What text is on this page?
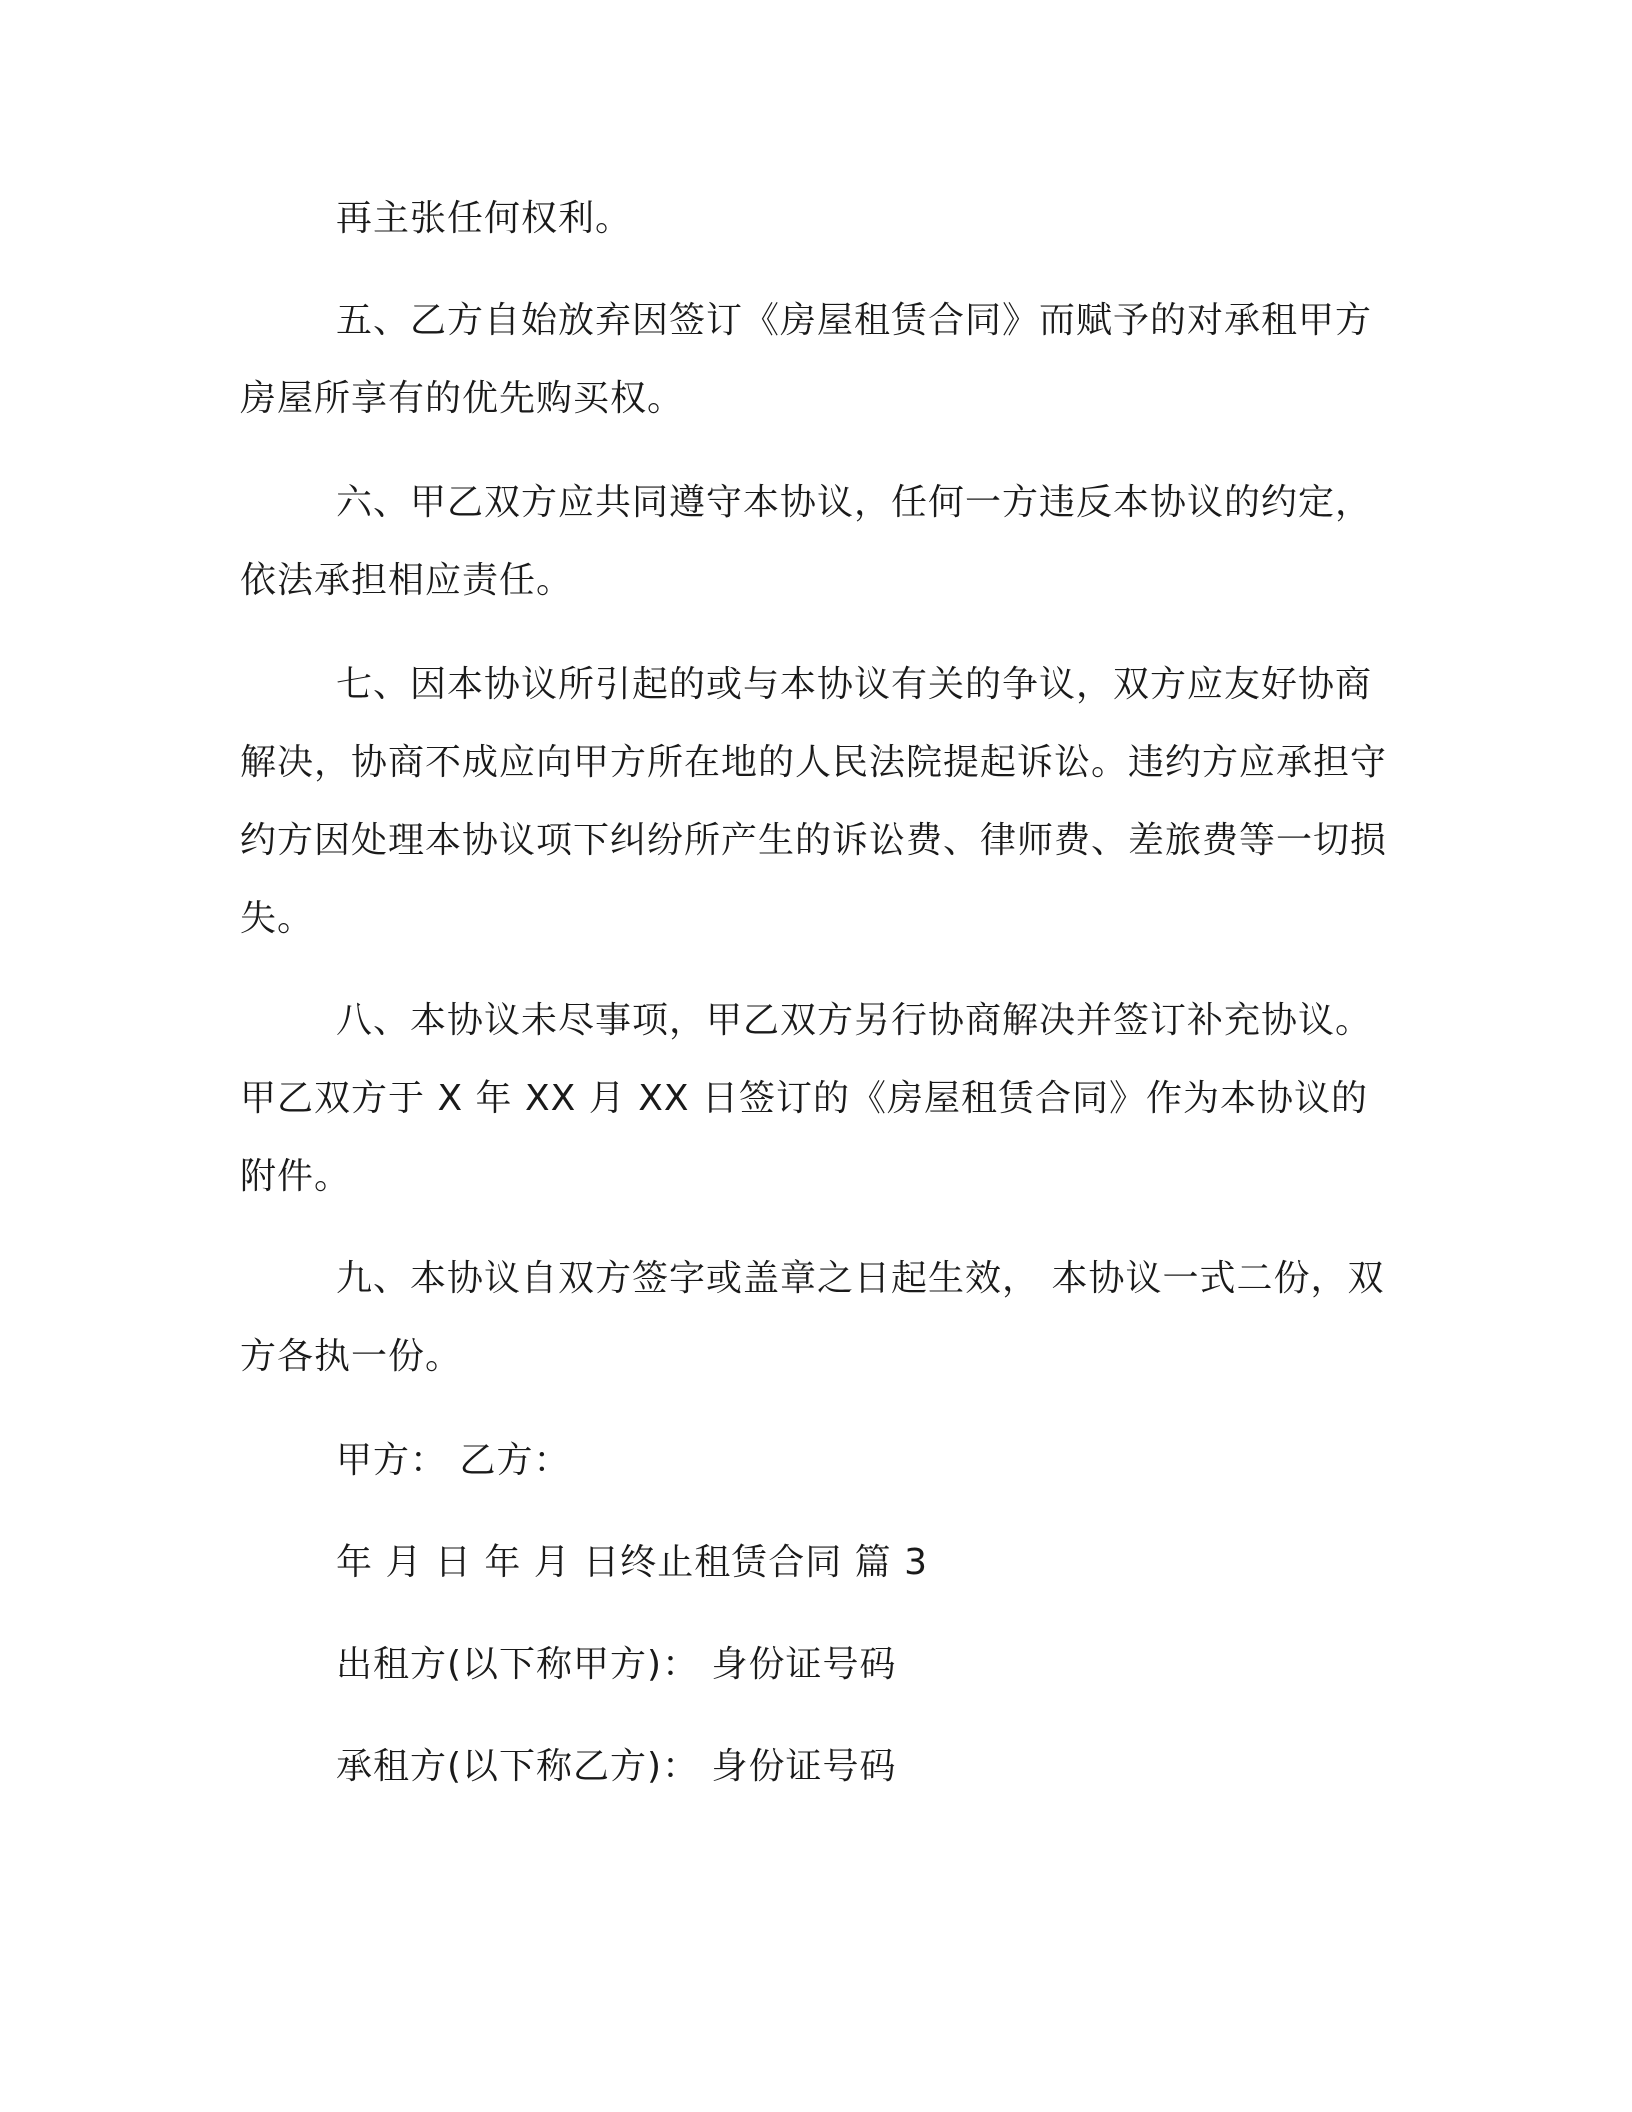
再主张任何权利。

五、乙方自始放弃因签订《房屋租赁合同》而赋予的对承租甲方房屋所享有的优先购买权。

六、甲乙双方应共同遵守本协议，任何一方违反本协议的约定，依法承担相应责任。

七、因本协议所引起的或与本协议有关的争议，双方应友好协商解决，协商不成应向甲方所在地的人民法院提起诉讼。违约方应承担守约方因处理本协议项下纠纷所产生的诉讼费、律师费、差旅费等一切损失。

八、本协议未尽事项，甲乙双方另行协商解决并签订补充协议。甲乙双方于 X 年 XX 月 XX 日签订的《房屋租赁合同》作为本协议的附件。

九、本协议自双方签字或盖章之日起生效， 本协议一式二份，双方各执一份。

甲方： 乙方：

年 月 日 年 月 日终止租赁合同 篇 3

出租方(以下称甲方)： 身份证号码

承租方(以下称乙方)： 身份证号码
